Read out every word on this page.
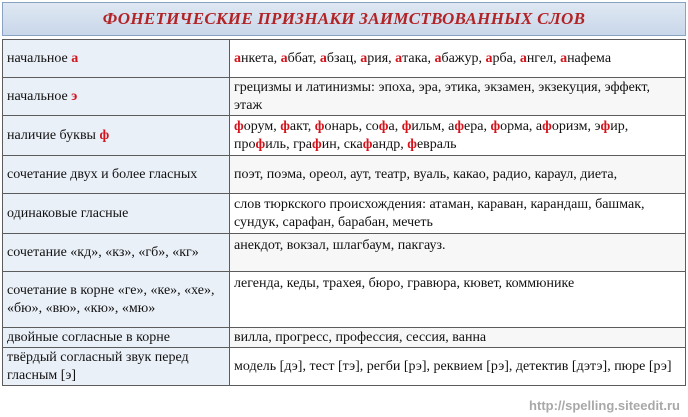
ФОНЕТИЧЕСКИЕ ПРИЗНАКИ ЗАИМСТВОВАННЫХ СЛОВ
начальное а	анкета, аббат, абзац, ария, атака, абажур, арба, ангел, анафема
начальное э	грецизмы и латинизмы: эпоха, эра, этика, экзамен, экзекуция, эффект, этаж
наличие буквы ф	форум, факт, фонарь, софа, фильм, афера, форма, афоризм, эфир, профиль, графин, скафандр, февраль
сочетание двух и более гласных	поэт, поэма, ореол, аут, театр, вуаль, какао, радио, караул, диета,
одинаковые гласные	слов тюркского происхождения: атаман, караван, карандаш, башмак, сундук, сарафан, барабан, мечеть
сочетание «кд», «кз», «гб», «кг»	анекдот, вокзал, шлагбаум, пакгауз.
сочетание в корне «ге», «ке», «хе», «бю», «вю», «кю», «мю»	легенда, кеды, трахея, бюро, гравюра, кювет, коммюнике
двойные согласные в корне	вилла, прогресс, профессия, сессия, ванна
твёрдый согласный звук перед гласным [э]	модель [дэ], тест [тэ], регби [рэ], реквием [рэ], детектив [дэтэ], пюре [рэ]
http://spelling.siteedit.ru
